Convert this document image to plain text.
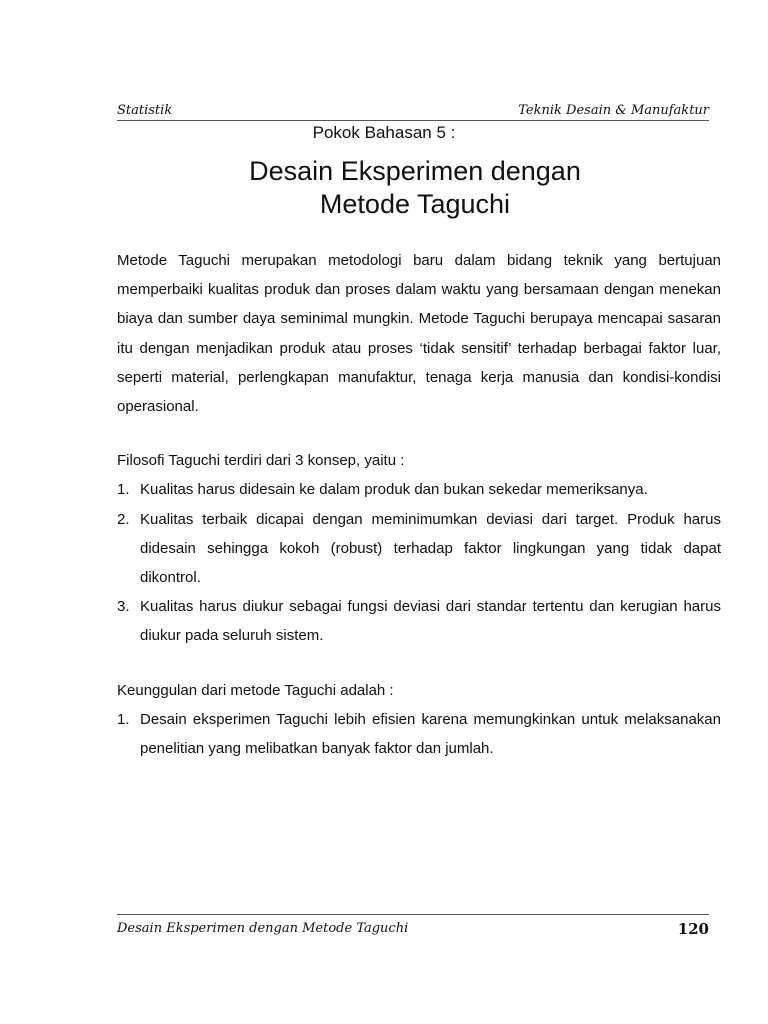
Statistik	Teknik Desain & Manufaktur
Pokok Bahasan 5 :
Desain Eksperimen dengan
Metode Taguchi

Metode Taguchi merupakan metodologi baru dalam bidang teknik yang bertujuan memperbaiki kualitas produk dan proses dalam waktu yang bersamaan dengan menekan biaya dan sumber daya seminimal mungkin. Metode Taguchi berupaya mencapai sasaran itu dengan menjadikan produk atau proses ‘tidak sensitif’ terhadap berbagai faktor luar, seperti material, perlengkapan manufaktur, tenaga kerja manusia dan kondisi-kondisi operasional.

Filosofi Taguchi terdiri dari 3 konsep, yaitu :

1. Kualitas harus didesain ke dalam produk dan bukan sekedar memeriksanya.
2. Kualitas terbaik dicapai dengan meminimumkan deviasi dari target. Produk harus didesain sehingga kokoh (robust) terhadap faktor lingkungan yang tidak dapat dikontrol.
3. Kualitas harus diukur sebagai fungsi deviasi dari standar tertentu dan kerugian harus diukur pada seluruh sistem.

Keunggulan dari metode Taguchi adalah :

1. Desain eksperimen Taguchi lebih efisien karena memungkinkan untuk melaksanakan penelitian yang melibatkan banyak faktor dan jumlah.
Desain Eksperimen dengan Metode Taguchi	120
